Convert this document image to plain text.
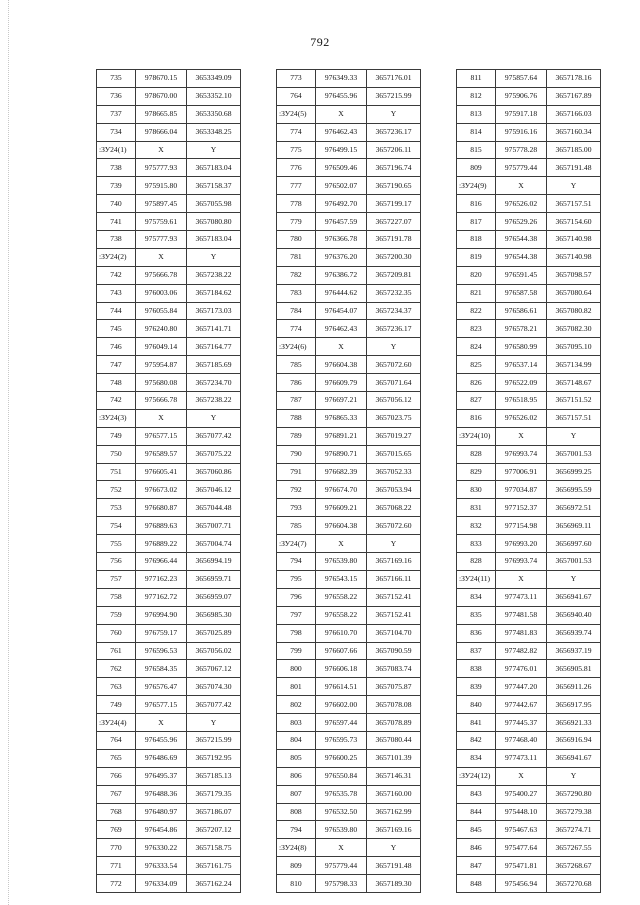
792
735	978670.15	3653349.09
736	978670.00	3653352.10
737	978665.85	3653350.68
734	978666.04	3653348.25
:ЗУ24(1)	X	Y
738	975777.93	3657183.04
739	975915.80	3657158.37
740	975897.45	3657055.98
741	975759.61	3657080.80
738	975777.93	3657183.04
:ЗУ24(2)	X	Y
742	975666.78	3657238.22
743	976003.06	3657184.62
744	976055.84	3657173.03
745	976240.80	3657141.71
746	976049.14	3657164.77
747	975954.87	3657185.69
748	975680.08	3657234.70
742	975666.78	3657238.22
:ЗУ24(3)	X	Y
749	976577.15	3657077.42
750	976589.57	3657075.22
751	976605.41	3657060.86
752	976673.02	3657046.12
753	976680.87	3657044.48
754	976889.63	3657007.71
755	976889.22	3657004.74
756	976966.44	3656994.19
757	977162.23	3656959.71
758	977162.72	3656959.07
759	976994.90	3656985.30
760	976759.17	3657025.89
761	976596.53	3657056.02
762	976584.35	3657067.12
763	976576.47	3657074.30
749	976577.15	3657077.42
:ЗУ24(4)	X	Y
764	976455.96	3657215.99
765	976486.69	3657192.95
766	976495.37	3657185.13
767	976488.36	3657179.35
768	976480.97	3657186.07
769	976454.86	3657207.12
770	976330.22	3657158.75
771	976333.54	3657161.75
772	976334.09	3657162.24
773	976349.33	3657176.01
764	976455.96	3657215.99
:ЗУ24(5)	X	Y
774	976462.43	3657236.17
775	976499.15	3657206.11
776	976509.46	3657196.74
777	976502.07	3657190.65
778	976492.70	3657199.17
779	976457.59	3657227.07
780	976366.78	3657191.78
781	976376.20	3657200.30
782	976386.72	3657209.81
783	976444.62	3657232.35
784	976454.07	3657234.37
774	976462.43	3657236.17
:ЗУ24(6)	X	Y
785	976604.38	3657072.60
786	976609.79	3657071.64
787	976697.21	3657056.12
788	976865.33	3657023.75
789	976891.21	3657019.27
790	976890.71	3657015.65
791	976682.39	3657052.33
792	976674.70	3657053.94
793	976609.21	3657068.22
785	976604.38	3657072.60
:ЗУ24(7)	X	Y
794	976539.80	3657169.16
795	976543.15	3657166.11
796	976558.22	3657152.41
797	976558.22	3657152.41
798	976610.70	3657104.70
799	976607.66	3657090.59
800	976606.18	3657083.74
801	976614.51	3657075.87
802	976602.00	3657078.08
803	976597.44	3657078.89
804	976595.73	3657080.44
805	976600.25	3657101.39
806	976550.84	3657146.31
807	976535.78	3657160.00
808	976532.50	3657162.99
794	976539.80	3657169.16
:ЗУ24(8)	X	Y
809	975779.44	3657191.48
810	975798.33	3657189.30
811	975857.64	3657178.16
812	975906.76	3657167.89
813	975917.18	3657166.03
814	975916.16	3657160.34
815	975778.28	3657185.00
809	975779.44	3657191.48
:ЗУ24(9)	X	Y
816	976526.02	3657157.51
817	976529.26	3657154.60
818	976544.38	3657140.98
819	976544.38	3657140.98
820	976591.45	3657098.57
821	976587.58	3657080.64
822	976586.61	3657080.82
823	976578.21	3657082.30
824	976580.99	3657095.10
825	976537.14	3657134.99
826	976522.09	3657148.67
827	976518.95	3657151.52
816	976526.02	3657157.51
:ЗУ24(10)	X	Y
828	976993.74	3657001.53
829	977006.91	3656999.25
830	977034.87	3656995.59
831	977152.37	3656972.51
832	977154.98	3656969.11
833	976993.20	3656997.60
828	976993.74	3657001.53
:ЗУ24(11)	X	Y
834	977473.11	3656941.67
835	977481.58	3656940.40
836	977481.83	3656939.74
837	977482.82	3656937.19
838	977476.01	3656905.81
839	977447.20	3656911.26
840	977442.67	3656917.95
841	977445.37	3656921.33
842	977468.40	3656916.94
834	977473.11	3656941.67
:ЗУ24(12)	X	Y
843	975400.27	3657290.80
844	975448.10	3657279.38
845	975467.63	3657274.71
846	975477.64	3657267.55
847	975471.81	3657268.67
848	975456.94	3657270.68
